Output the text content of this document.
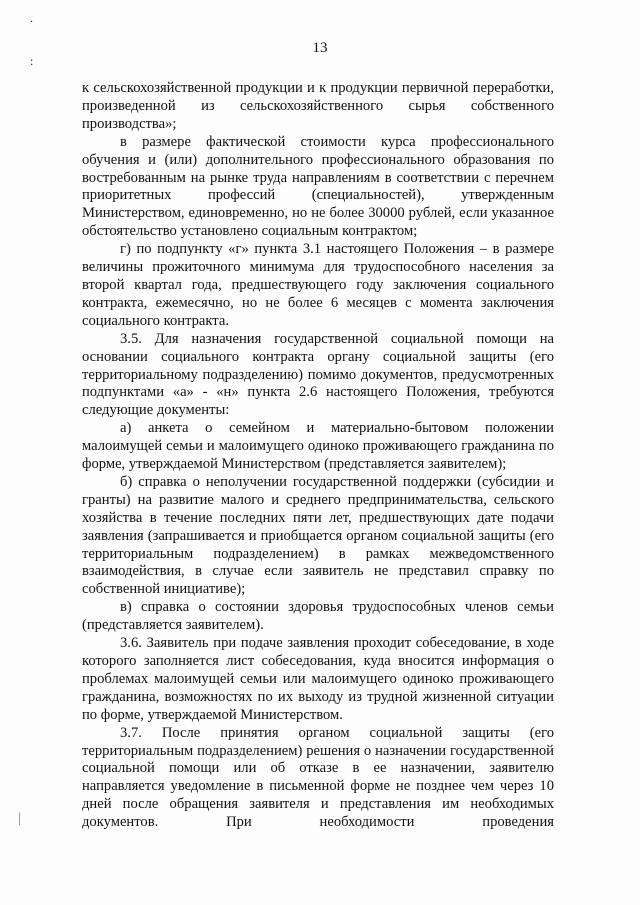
.
:
|
13

к сельскохозяйственной продукции и к продукции первичной переработки, произведенной из сельскохозяйственного сырья собственного производства»;

в размере фактической стоимости курса профессионального обучения и (или) дополнительного профессионального образования по востребованным на рынке труда направлениям в соответствии с перечнем приоритетных профессий (специальностей), утвержденным Министерством, единовременно, но не более 30000 рублей, если указанное обстоятельство установлено социальным контрактом;

г) по подпункту «г» пункта 3.1 настоящего Положения – в размере величины прожиточного минимума для трудоспособного населения за второй квартал года, предшествующего году заключения социального контракта, ежемесячно, но не более 6 месяцев с момента заключения социального контракта.

3.5. Для назначения государственной социальной помощи на основании социального контракта органу социальной защиты (его территориальному подразделению) помимо документов, предусмотренных подпунктами «а» - «н» пункта 2.6 настоящего Положения, требуются следующие документы:

а) анкета о семейном и материально-бытовом положении малоимущей семьи и малоимущего одиноко проживающего гражданина по форме, утверждаемой Министерством (представляется заявителем);

б) справка о неполучении государственной поддержки (субсидии и гранты) на развитие малого и среднего предпринимательства, сельского хозяйства в течение последних пяти лет, предшествующих дате подачи заявления (запрашивается и приобщается органом социальной защиты (его территориальным подразделением) в рамках межведомственного взаимодействия, в случае если заявитель не представил справку по собственной инициативе);

в) справка о состоянии здоровья трудоспособных членов семьи (представляется заявителем).

3.6. Заявитель при подаче заявления проходит собеседование, в ходе которого заполняется лист собеседования, куда вносится информация о проблемах малоимущей семьи или малоимущего одиноко проживающего гражданина, возможностях по их выходу из трудной жизненной ситуации по форме, утверждаемой Министерством.

3.7. После принятия органом социальной защиты (его территориальным подразделением) решения о назначении государственной социальной помощи или об отказе в ее назначении, заявителю направляется уведомление в письменной форме не позднее чем через 10 дней после обращения заявителя и представления им необходимых документов. При необходимости проведения
